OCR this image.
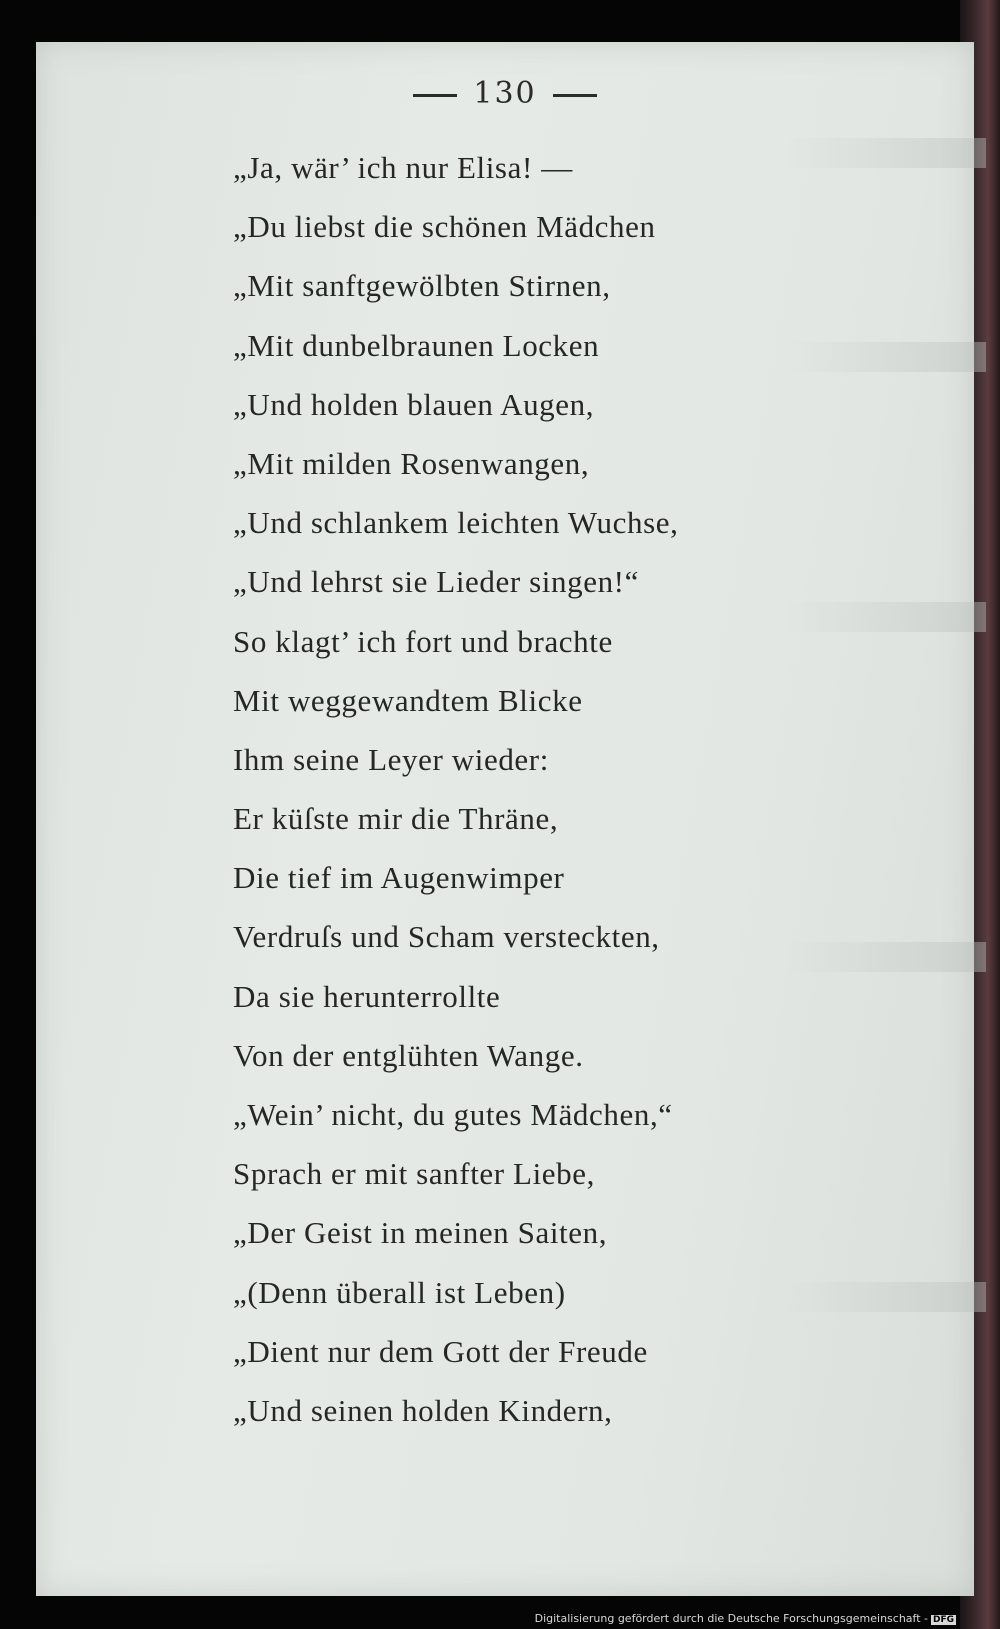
130
„Ja, wär’ ich nur Elisa! —
„Du liebst die schönen Mädchen
„Mit sanftgewölbten Stirnen,
„Mit dunbelbraunen Locken
„Und holden blauen Augen,
„Mit milden Rosenwangen,
„Und schlankem leichten Wuchse,
„Und lehrst sie Lieder singen!“
So klagt’ ich fort und brachte
Mit weggewandtem Blicke
Ihm seine Leyer wieder:
Er küſste mir die Thräne,
Die tief im Augenwimper
Verdruſs und Scham versteckten,
Da sie herunterrollte
Von der entglühten Wange.
„Wein’ nicht, du gutes Mädchen,“
Sprach er mit sanfter Liebe,
„Der Geist in meinen Saiten,
„(Denn überall ist Leben)
„Dient nur dem Gott der Freude
„Und seinen holden Kindern,
Digitalisierung gefördert durch die Deutsche Forschungsgemeinschaft - DFG
